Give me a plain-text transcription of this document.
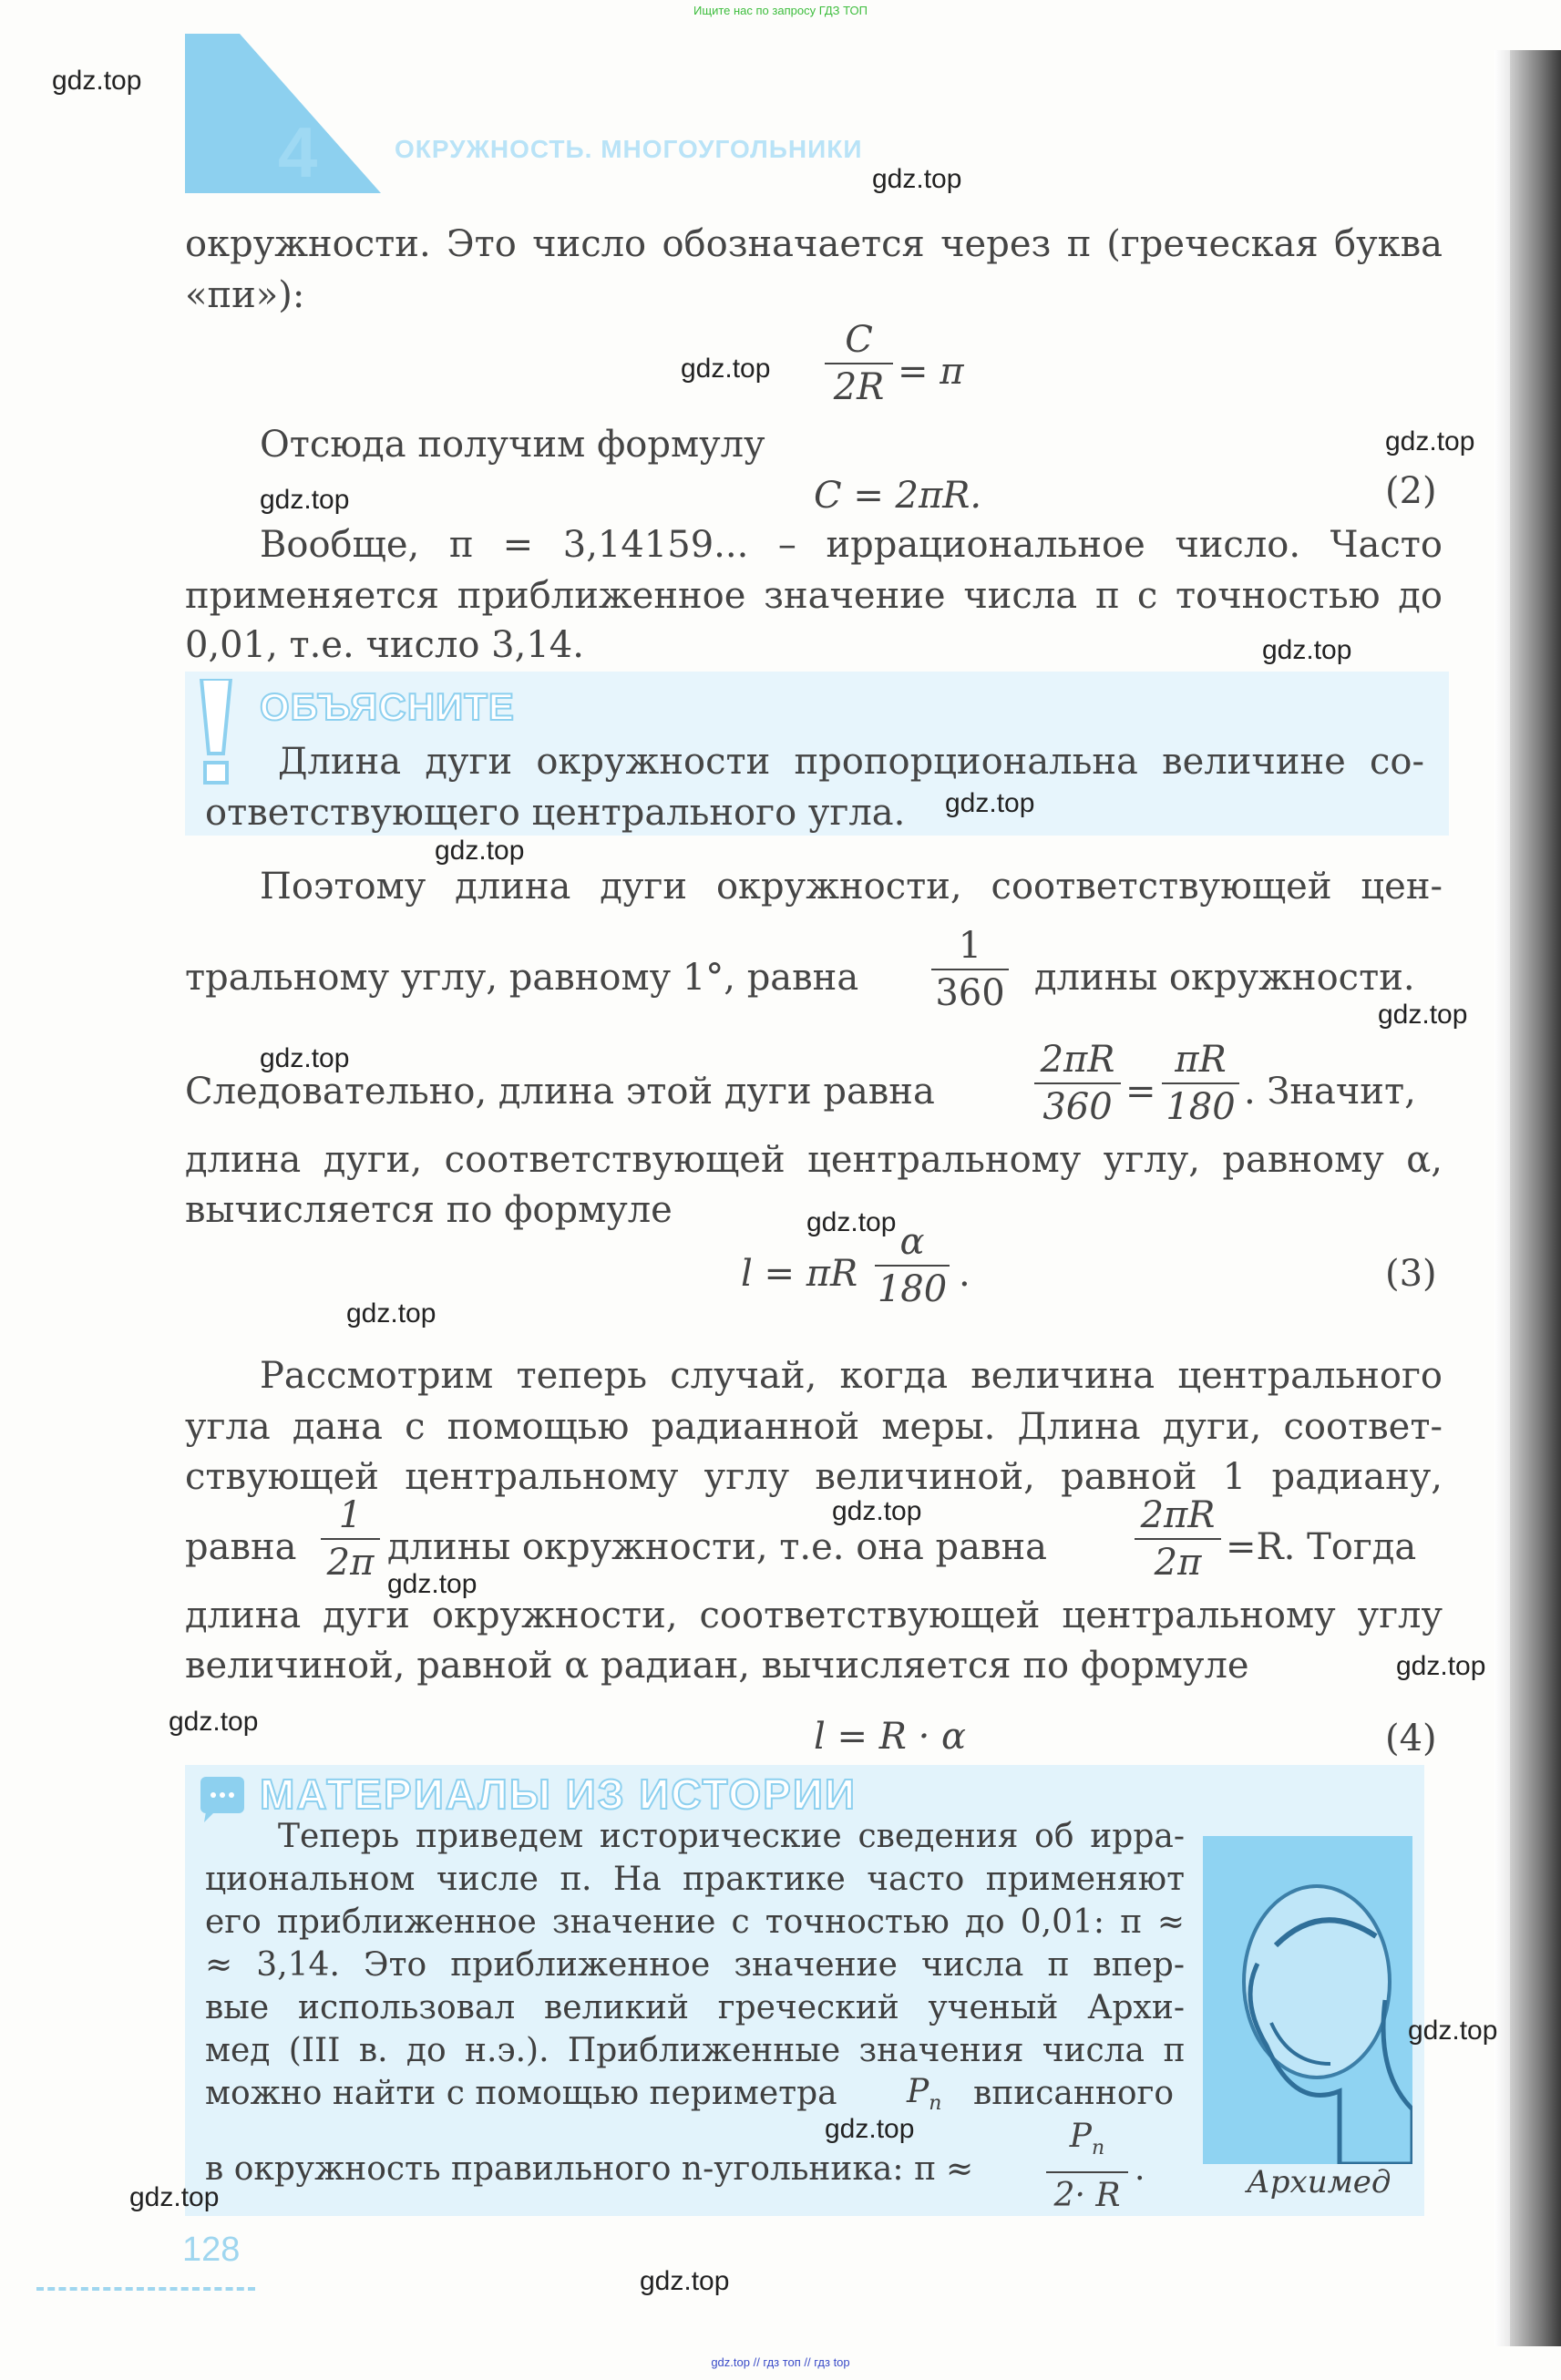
Ищите нас по запросу ГДЗ ТОП
4	ОКРУЖНОСТЬ. МНОГОУГОЛЬНИКИ
окружности. Это число обозначается через π (греческая буква
«пи»):
C
2R = π
Отсюда получим формулу
C = 2πR.	(2)
Вообще, π = 3,14159... – иррациональное число. Часто
применяется приближенное значение числа π с точностью до
0,01, т.е. число 3,14.
ОБЪЯСНИТЕ
Длина дуги окружности пропорциональна величине со-
ответствующего центрального угла.
Поэтому длина дуги окружности, соответствующей цен-
тральному углу, равному 1°, равна
1
360 длины окружности.
Следовательно, длина этой дуги равна
2πR
360 =
πR
180 . Значит,
длина дуги, соответствующей центральному углу, равному α,
вычисляется по формуле
l = πR
α
180 .	(3)
Рассмотрим теперь случай, когда величина центрального
угла дана с помощью радианной меры. Длина дуги, соответ-
ствующей центральному углу величиной, равной 1 радиану,
равна
1
2π длины окружности, т.е. она равна
2πR
2π =R. Тогда
длина дуги окружности, соответствующей центральному углу
величиной, равной α радиан, вычисляется по формуле
l = R · α	(4)
МАТЕРИАЛЫ ИЗ ИСТОРИИ
Теперь приведем исторические сведения об ирра-
циональном числе π. На практике часто применяют
его приближенное значение с точностью до 0,01: π ≈
≈ 3,14. Это приближенное значение числа π впер-
вые использовал великий греческий ученый Архи-
мед (III в. до н.э.). Приближенные значения числа π
можно найти с помощью периметра $P_n$ вписанного
в окружность правильного n-угольника: π ≈
$P_n$
2· R
.	Архимед
128
gdz.top
gdz.top
gdz.top
gdz.top
gdz.top
gdz.top
gdz.top
gdz.top
gdz.top
gdz.top
gdz.top
gdz.top
gdz.top
gdz.top
gdz.top
gdz.top
gdz.top
gdz.top
gdz.top
gdz.top
gdz.top // гдз топ // гдз top
